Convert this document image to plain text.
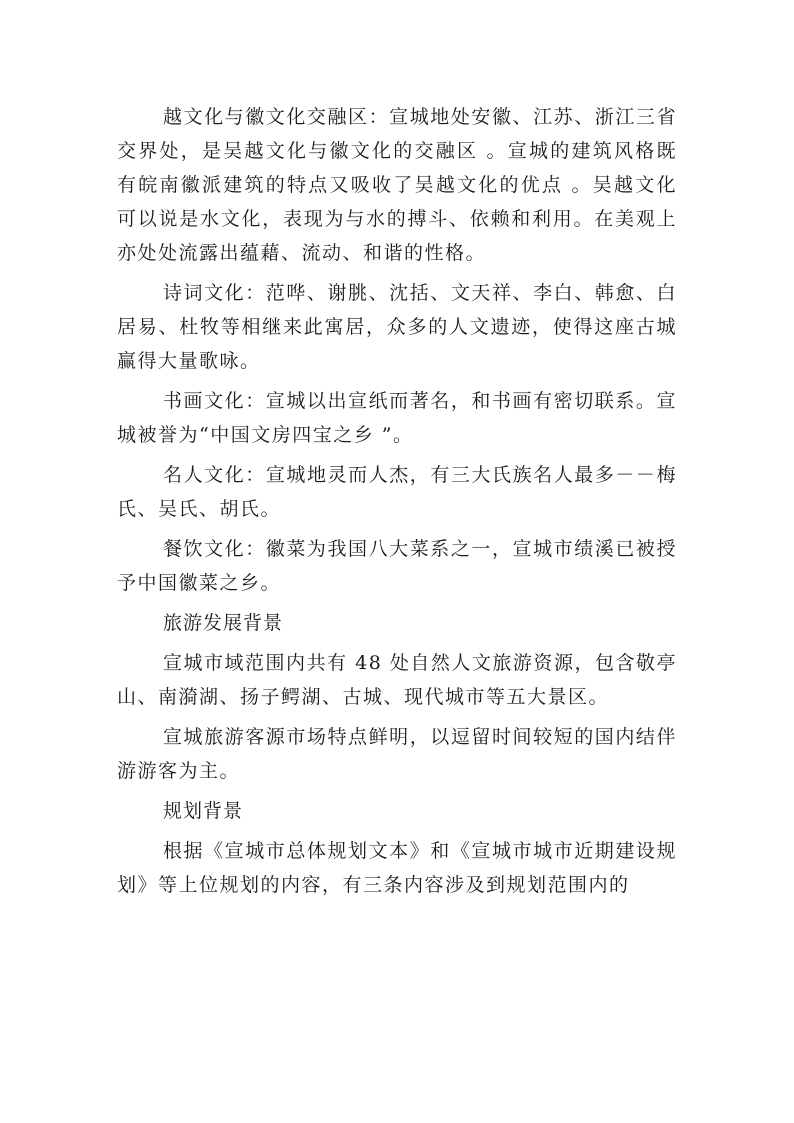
越文化与徽文化交融区：宣城地处安徽、江苏、浙江三省交界处，是吴越文化与徽文化的交融区 。宣城的建筑风格既有皖南徽派建筑的特点又吸收了吴越文化的优点 。吴越文化可以说是水文化，表现为与水的搏斗、依赖和利用。在美观上亦处处流露出蕴藉、流动、和谐的性格。

诗词文化：范哗、谢朓、沈括、文天祥、李白、韩愈、白居易、杜牧等相继来此寓居，众多的人文遗迹，使得这座古城赢得大量歌咏。

书画文化：宣城以出宣纸而著名，和书画有密切联系。宣城被誉为“中国文房四宝之乡 ”。

名人文化：宣城地灵而人杰，有三大氏族名人最多－－梅氏、吴氏、胡氏。

餐饮文化：徽菜为我国八大菜系之一，宣城市绩溪已被授予中国徽菜之乡。

旅游发展背景

宣城市域范围内共有 48 处自然人文旅游资源，包含敬亭山、南漪湖、扬子鳄湖、古城、现代城市等五大景区。

宣城旅游客源市场特点鲜明，以逗留时间较短的国内结伴游游客为主。

规划背景

根据《宣城市总体规划文本》和《宣城市城市近期建设规划》等上位规划的内容，有三条内容涉及到规划范围内的
